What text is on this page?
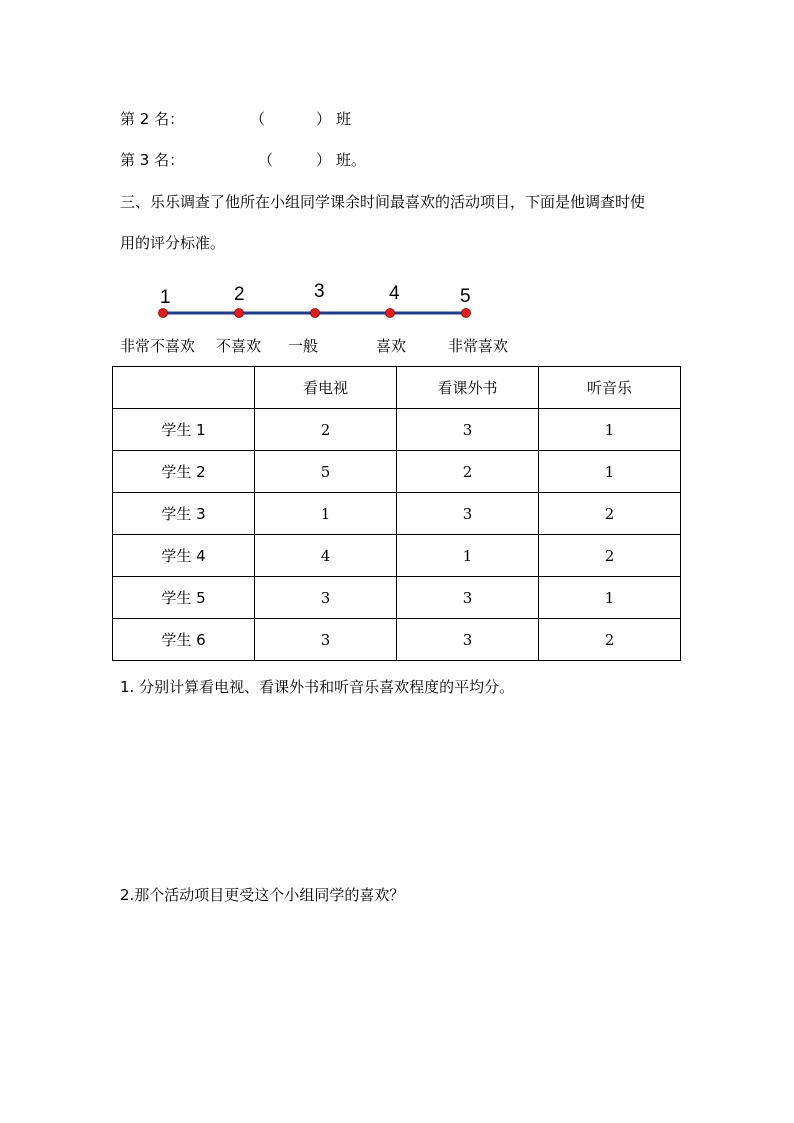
第 2 名：	（	） 班
第 3 名：	（	） 班。
三、乐乐调查了他所在小组同学课余时间最喜欢的活动项目，下面是他调查时使
用的评分标准。
1	2	3	4	5
非常不喜欢 不喜欢 一般	喜欢	非常喜欢
	看电视	看课外书	听音乐
学生 1	2	3	1
学生 2	5	2	1
学生 3	1	3	2
学生 4	4	1	2
学生 5	3	3	1
学生 6	3	3	2
1. 分别计算看电视、看课外书和听音乐喜欢程度的平均分。
2.那个活动项目更受这个小组同学的喜欢？
